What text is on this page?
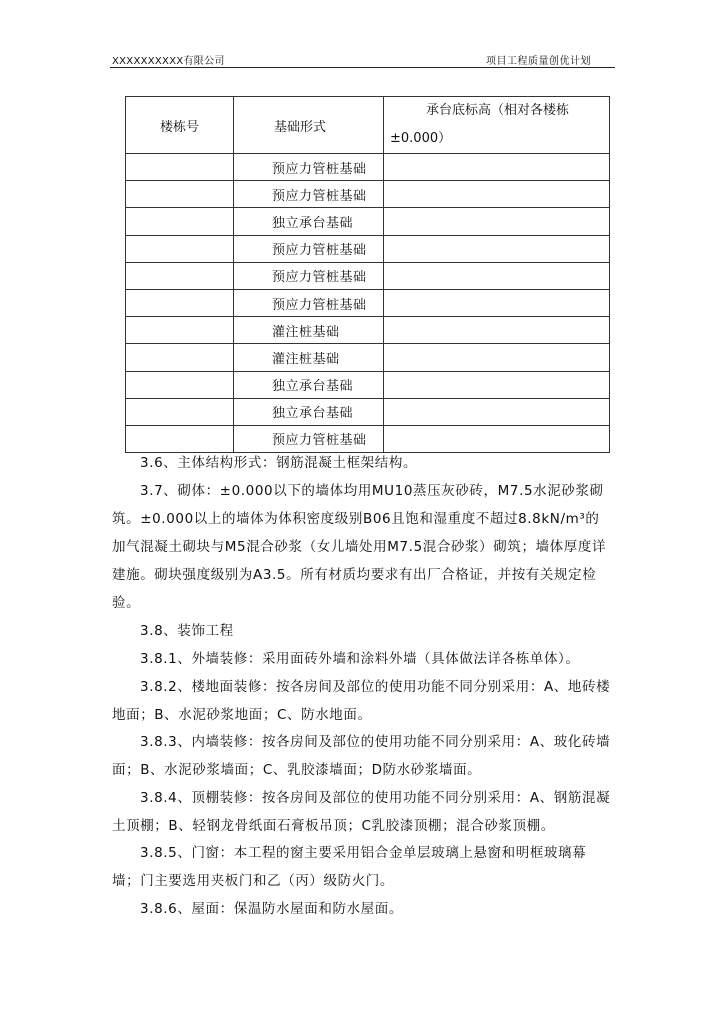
XXXXXXXXXX有限公司	项目工程质量创优计划
楼栋号	基础形式	承台底标高（相对各楼栋
±0.000）
	预应力管桩基础	
	预应力管桩基础	
	独立承台基础	
	预应力管桩基础	
	预应力管桩基础	
	预应力管桩基础	
	灌注桩基础	
	灌注桩基础	
	独立承台基础	
	独立承台基础	
	预应力管桩基础	

3.6、主体结构形式：钢筋混凝土框架结构。

3.7、砌体：±0.000以下的墙体均用MU10蒸压灰砂砖，M7.5水泥砂浆砌筑。±0.000以上的墙体为体积密度级别B06且饱和湿重度不超过8.8kN/m³的加气混凝土砌块与M5混合砂浆（女儿墙处用M7.5混合砂浆）砌筑；墙体厚度详建施。砌块强度级别为A3.5。所有材质均要求有出厂合格证，并按有关规定检验。

3.8、装饰工程

3.8.1、外墙装修：采用面砖外墙和涂料外墙（具体做法详各栋单体）。

3.8.2、楼地面装修：按各房间及部位的使用功能不同分别采用：A、地砖楼地面；B、水泥砂浆地面；C、防水地面。

3.8.3、内墙装修：按各房间及部位的使用功能不同分别采用：A、玻化砖墙面；B、水泥砂浆墙面；C、乳胶漆墙面；D防水砂浆墙面。

3.8.4、顶棚装修：按各房间及部位的使用功能不同分别采用：A、钢筋混凝土顶棚；B、轻钢龙骨纸面石膏板吊顶；C乳胶漆顶棚；混合砂浆顶棚。

3.8.5、门窗：本工程的窗主要采用铝合金单层玻璃上悬窗和明框玻璃幕墙；门主要选用夹板门和乙（丙）级防火门。

3.8.6、屋面：保温防水屋面和防水屋面。
